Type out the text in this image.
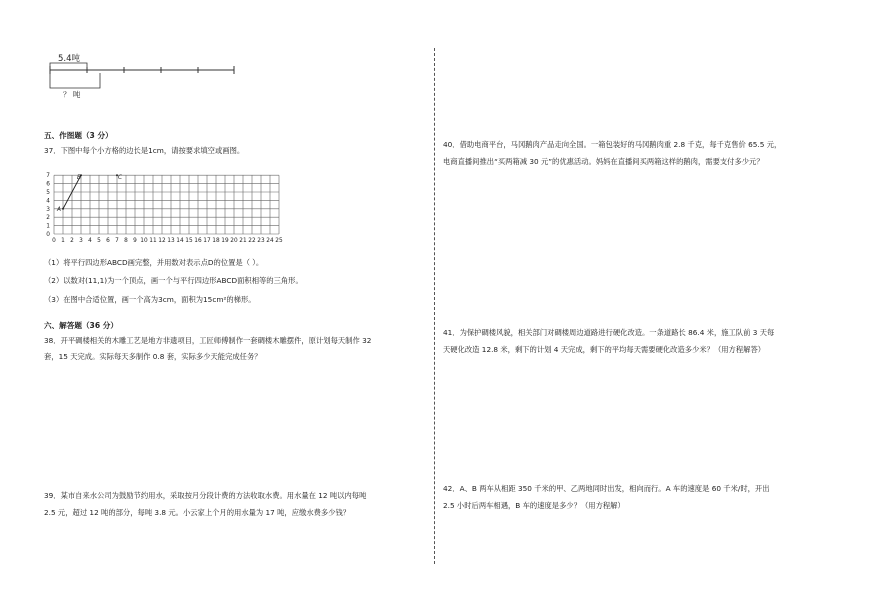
5.4吨
？ 吨
五、作图题（3 分）
37．下图中每个小方格的边长是1cm，请按要求填空或画图。
0 1 2 3 4 5 6 7 8 9 10 11 12 13 14 15 16 17 18 19 20 21 22 23 24 25
0
1
2
3
4
5
6
7
A
B	C
（1）将平行四边形ABCD画完整，并用数对表示点D的位置是（ ）。
（2）以数对(11,1)为一个顶点，画一个与平行四边形ABCD面积相等的三角形。
（3）在图中合适位置，画一个高为3cm，面积为15cm²的梯形。
六、解答题（36 分）
38．开平碉楼相关的木雕工艺是地方非遗项目，工匠师傅制作一套碉楼木雕摆件，原计划每天制作 32
套，15 天完成。实际每天多制作 0.8 套，实际多少天能完成任务？
39．某市自来水公司为鼓励节约用水，采取按月分段计费的方法收取水费。用水量在 12 吨以内每吨
2.5 元，超过 12 吨的部分，每吨 3.8 元。小云家上个月的用水量为 17 吨，应缴水费多少钱？
40．借助电商平台，马冈鹅肉产品走向全国。一箱包装好的马冈鹅肉重 2.8 千克，每千克售价 65.5 元，
电商直播间推出“买两箱减 30 元”的优惠活动。妈妈在直播间买两箱这样的鹅肉，需要支付多少元？
41．为保护碉楼风貌，相关部门对碉楼周边道路进行硬化改造。一条道路长 86.4 米，施工队前 3 天每
天硬化改造 12.8 米，剩下的计划 4 天完成，剩下的平均每天需要硬化改造多少米？（用方程解答）
42．A、B 两车从相距 350 千米的甲、乙两地同时出发，相向而行。A 车的速度是 60 千米/时，开出
2.5 小时后两车相遇，B 车的速度是多少？（用方程解）
